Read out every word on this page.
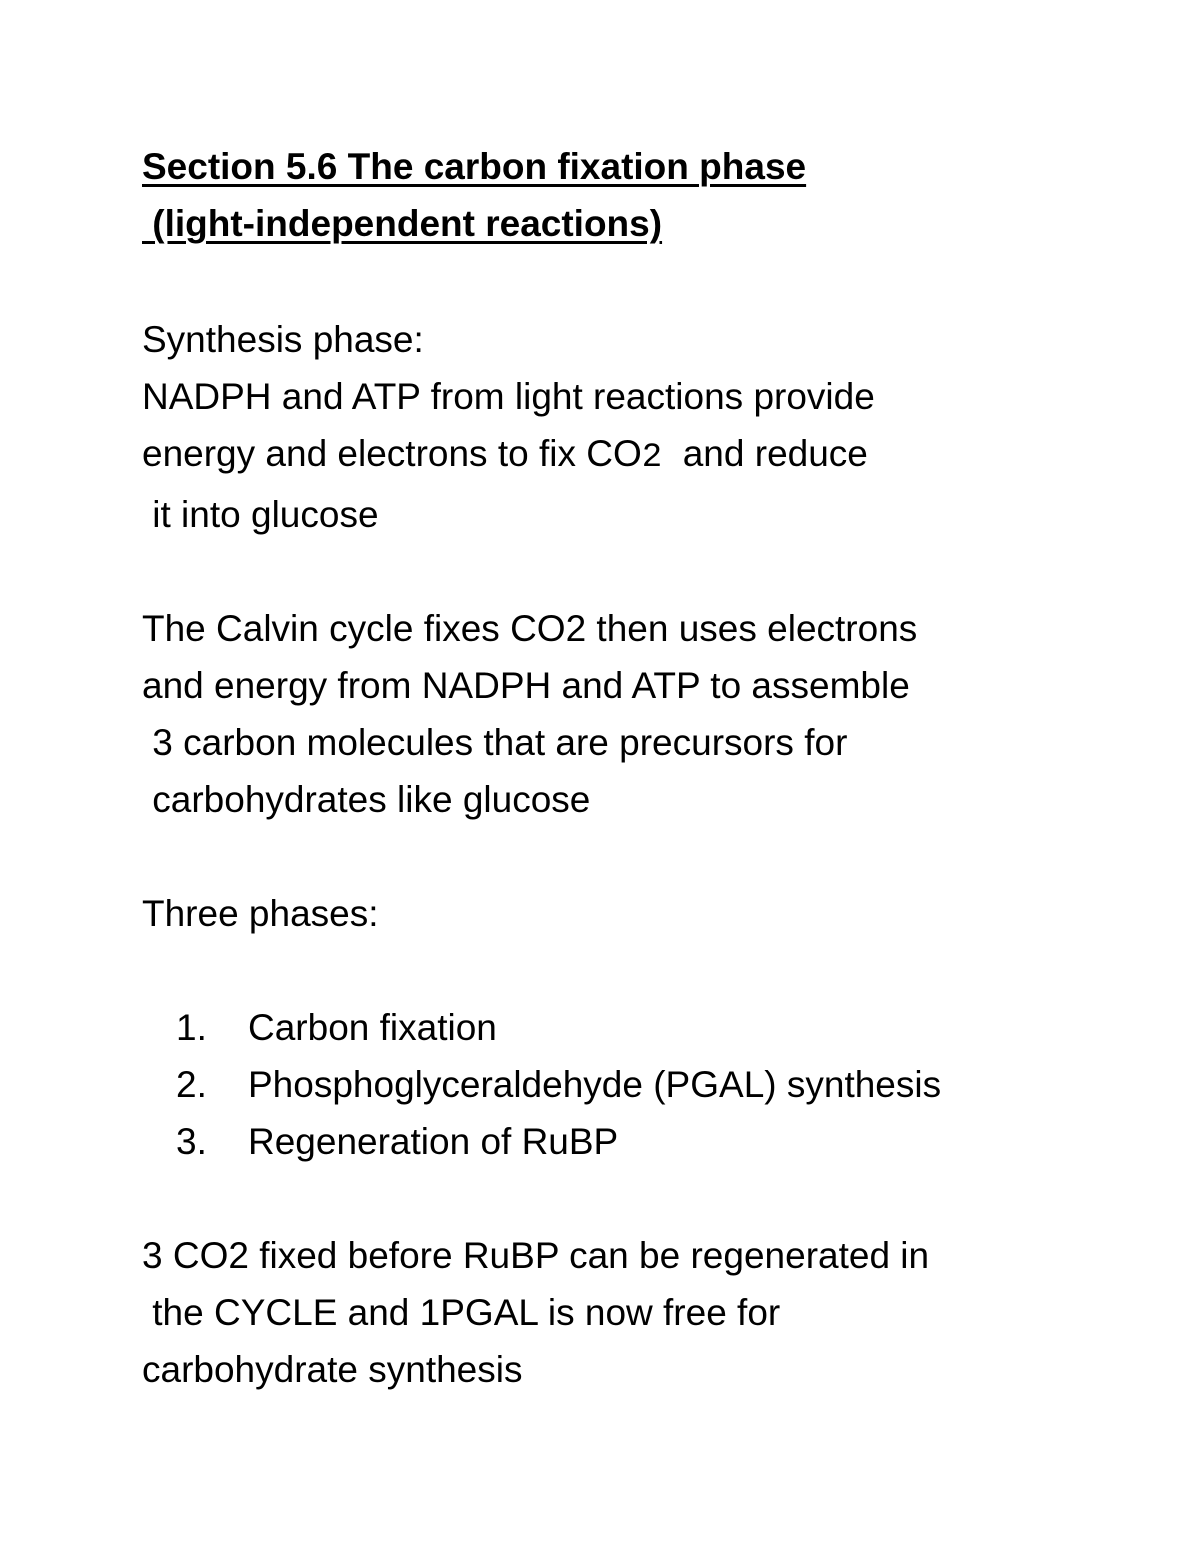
Section 5.6 The carbon fixation phase
(light-independent reactions)
Synthesis phase:
NADPH and ATP from light reactions provide
energy and electrons to fix CO2  and reduce
it into glucose
The Calvin cycle fixes CO2 then uses electrons
and energy from NADPH and ATP to assemble
3 carbon molecules that are precursors for
carbohydrates like glucose
Three phases:
1. Carbon fixation
2. Phosphoglyceraldehyde (PGAL) synthesis
3. Regeneration of RuBP
3 CO2 fixed before RuBP can be regenerated in
the CYCLE and 1PGAL is now free for
carbohydrate synthesis
